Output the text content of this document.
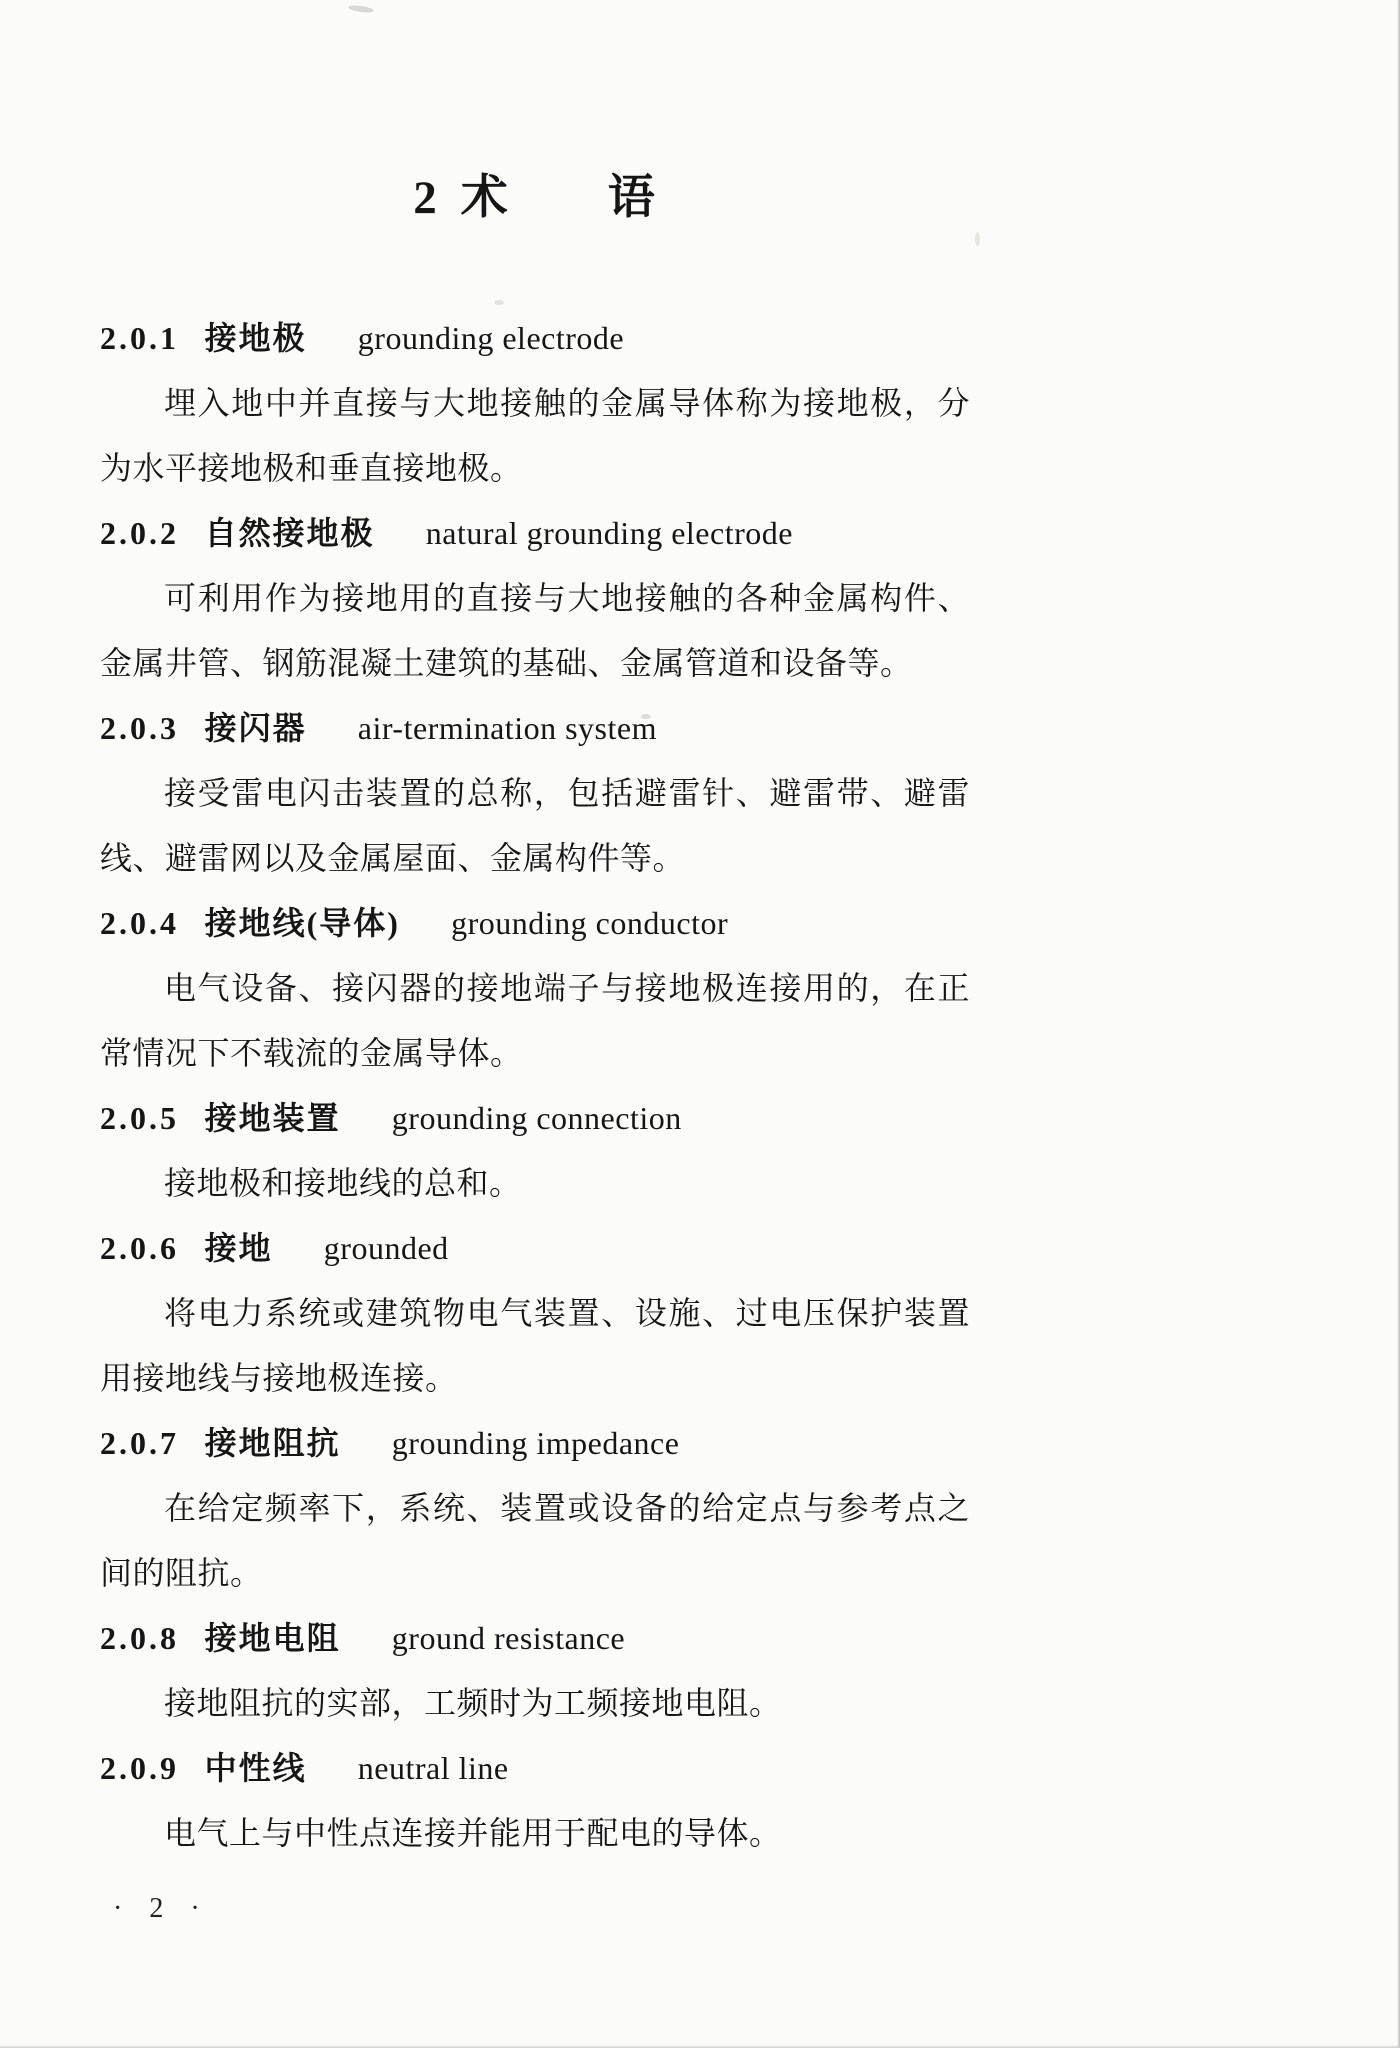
2 术　　语

2.0.1 接地极 grounding electrode

埋入地中并直接与大地接触的金属导体称为接地极，分为水平接地极和垂直接地极。

2.0.2 自然接地极 natural grounding electrode

可利用作为接地用的直接与大地接触的各种金属构件、金属井管、钢筋混凝土建筑的基础、金属管道和设备等。

2.0.3 接闪器 air-termination system

接受雷电闪击装置的总称，包括避雷针、避雷带、避雷线、避雷网以及金属屋面、金属构件等。

2.0.4 接地线(导体) grounding conductor

电气设备、接闪器的接地端子与接地极连接用的，在正常情况下不载流的金属导体。

2.0.5 接地装置 grounding connection

接地极和接地线的总和。

2.0.6 接地 grounded

将电力系统或建筑物电气装置、设施、过电压保护装置用接地线与接地极连接。

2.0.7 接地阻抗 grounding impedance

在给定频率下，系统、装置或设备的给定点与参考点之间的阻抗。

2.0.8 接地电阻 ground resistance

接地阻抗的实部，工频时为工频接地电阻。

2.0.9 中性线 neutral line

电气上与中性点连接并能用于配电的导体。

· 2 ·
